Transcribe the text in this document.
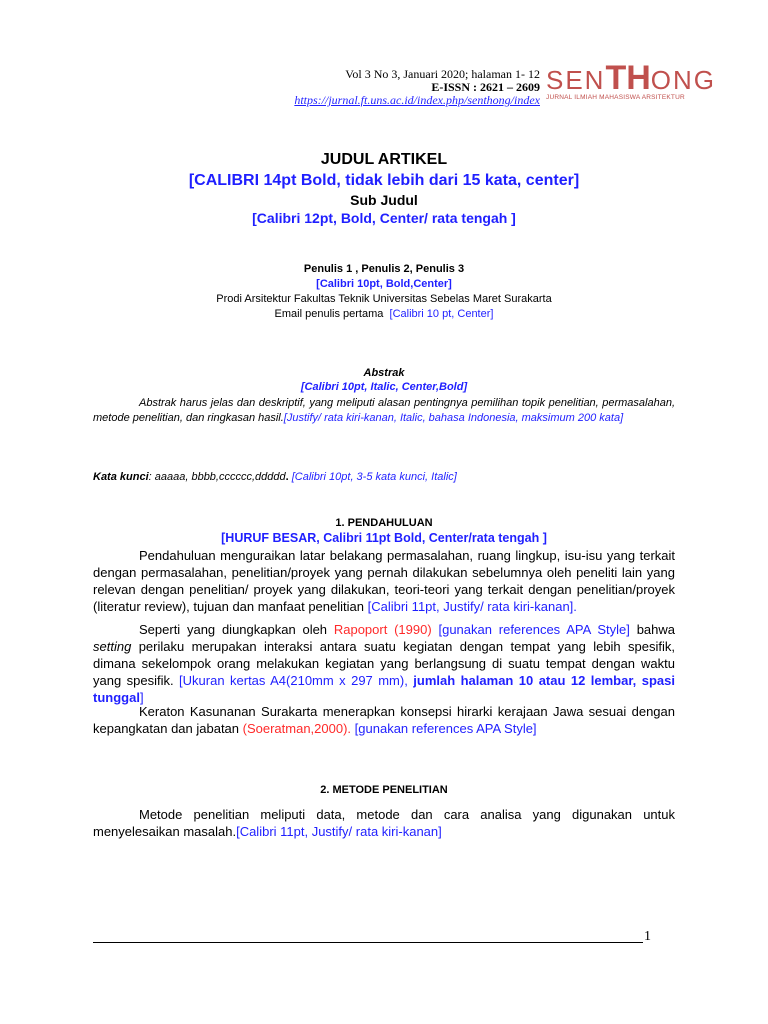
Vol 3 No 3, Januari 2020; halaman 1- 12
E-ISSN : 2621 – 2609
https://jurnal.ft.uns.ac.id/index.php/senthong/index
SENTHONG
JURNAL ILMIAH MAHASISWA ARSITEKTUR
JUDUL ARTIKEL
[CALIBRI 14pt Bold, tidak lebih dari 15 kata, center]
Sub Judul
[Calibri 12pt, Bold, Center/ rata tengah ]
Penulis 1 , Penulis 2, Penulis 3
[Calibri 10pt, Bold,Center]
Prodi Arsitektur Fakultas Teknik Universitas Sebelas Maret Surakarta
Email penulis pertama [Calibri 10 pt, Center]
Abstrak
[Calibri 10pt, Italic, Center,Bold]
Abstrak harus jelas dan deskriptif, yang meliputi alasan pentingnya pemilihan topik penelitian, permasalahan, metode penelitian, dan ringkasan hasil.[Justify/ rata kiri-kanan, Italic, bahasa Indonesia, maksimum 200 kata]
Kata kunci: aaaaa, bbbb,cccccc,ddddd. [Calibri 10pt, 3-5 kata kunci, Italic]
1. PENDAHULUAN
[HURUF BESAR, Calibri 11pt Bold, Center/rata tengah ]
Pendahuluan menguraikan latar belakang permasalahan, ruang lingkup, isu-isu yang terkait dengan permasalahan, penelitian/proyek yang pernah dilakukan sebelumnya oleh peneliti lain yang relevan dengan penelitian/ proyek yang dilakukan, teori-teori yang terkait dengan penelitian/proyek (literatur review), tujuan dan manfaat penelitian [Calibri 11pt, Justify/ rata kiri-kanan].
Seperti yang diungkapkan oleh Rapoport (1990) [gunakan references APA Style] bahwa setting perilaku merupakan interaksi antara suatu kegiatan dengan tempat yang lebih spesifik, dimana sekelompok orang melakukan kegiatan yang berlangsung di suatu tempat dengan waktu yang spesifik. [Ukuran kertas A4(210mm x 297 mm), jumlah halaman 10 atau 12 lembar, spasi tunggal]
Keraton Kasunanan Surakarta menerapkan konsepsi hirarki kerajaan Jawa sesuai dengan kepangkatan dan jabatan (Soeratman,2000). [gunakan references APA Style]
2. METODE PENELITIAN
Metode penelitian meliputi data, metode dan cara analisa yang digunakan untuk menyelesaikan masalah.[Calibri 11pt, Justify/ rata kiri-kanan]
1
